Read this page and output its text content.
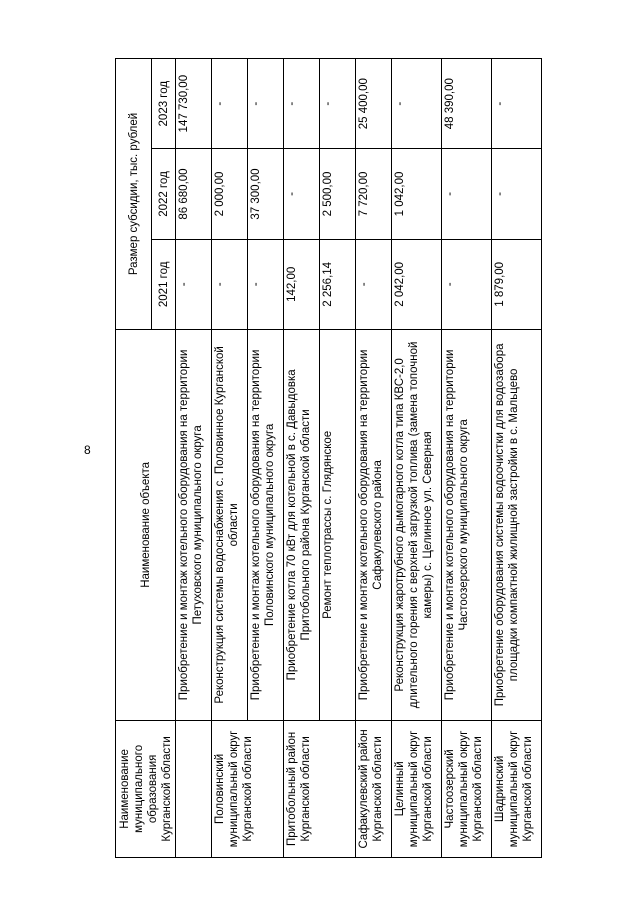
8
Наименование муниципального образования Курганской области	Наименование объекта	Размер субсидии, тыс. рублей		
		2021 год	2022 год	2023 год
	Приобретение и монтаж котельного оборудования на территории Петуховского муниципального округа	-	86 680,00	147 730,00
Половинский муниципальный округ Курганской области	Реконструкция системы водоснабжения с. Половинное Курганской области	-	2 000,00	-
	Приобретение и монтаж котельного оборудования на территории Половинского муниципального округа	-	37 300,00	-
Притобольный район Курганской области	Приобретение котла 70 кВт для котельной в с. Давыдовка Притобольного района Курганской области	142,00	-	-
	Ремонт теплотрассы с. Глядянское	2 256,14	2 500,00	-
Сафакулевский район Курганской области	Приобретение и монтаж котельного оборудования на территории Сафакулевского района	-	7 720,00	25 400,00
Целинный муниципальный округ Курганской области	Реконструкция жаротрубного дымогарного котла типа КВС-2,0 длительного горения с верхней загрузкой топлива (замена топочной камеры) с. Целинное ул. Северная	2 042,00	1 042,00	-
Частоозерский муниципальный округ Курганской области	Приобретение и монтаж котельного оборудования на территории Частоозерского муниципального округа	-	-	48 390,00
Шадринский муниципальный округ Курганской области	Приобретение оборудования системы водоочистки для водозабора площадки компактной жилищной застройки в с. Мальцево	1 879,00	-	-
